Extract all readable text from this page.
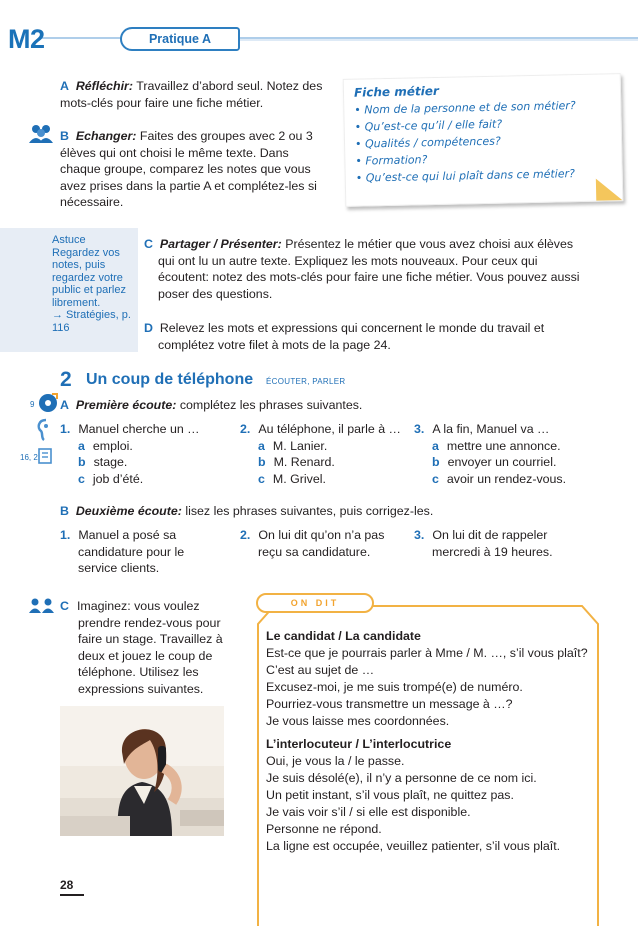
M2	Pratique A
A Réfléchir: Travaillez d’abord seul. Notez des mots-clés pour faire une fiche métier.
B Echanger: Faites des groupes avec 2 ou 3 élèves qui ont choisi le même texte. Dans chaque groupe, comparez les notes que vous avez prises dans la partie A et complétez-les si nécessaire.
Fiche métier
• Nom de la personne et de son métier?
• Qu’est-ce qu’il / elle fait?
• Qualités / compétences?
• Formation?
• Qu’est-ce qui lui plaît dans ce métier?
Astuce
Regardez vos notes, puis regardez votre public et parlez librement.
→ Stratégies, p. 116
C Partager / Présenter: Présentez le métier que vous avez choisi aux élèves qui ont lu un autre texte. Expliquez les mots nouveaux. Pour ceux qui écoutent: notez des mots-clés pour faire une fiche métier. Vous pouvez aussi poser des questions.
D Relevez les mots et expressions qui concernent le monde du travail et complétez votre filet à mots de la page 24.
2 Un coup de téléphone ÉCOUTER, PARLER
9
16, 2
A Première écoute: complétez les phrases suivantes.
1. Manuel cherche un …
a emploi.
b stage.
c job d’été.
2. Au téléphone, il parle à …
a M. Lanier.
b M. Renard.
c M. Grivel.
3. A la fin, Manuel va …
a mettre une annonce.
b envoyer un courriel.
c avoir un rendez-vous.
B Deuxième écoute: lisez les phrases suivantes, puis corrigez-les.
1. Manuel a posé sa candidature pour le service clients.
2. On lui dit qu’on n’a pas reçu sa candidature.
3. On lui dit de rappeler mercredi à 19 heures.
C Imaginez: vous voulez prendre rendez-vous pour faire un stage. Travaillez à deux et jouez le coup de téléphone. Utilisez les expressions suivantes.
ON DIT
Le candidat / La candidate
Est-ce que je pourrais parler à Mme / M. …, s’il vous plaît?
C’est au sujet de …
Excusez-moi, je me suis trompé(e) de numéro.
Pourriez-vous transmettre un message à …?
Je vous laisse mes coordonnées.
L’interlocuteur / L’interlocutrice
Oui, je vous la / le passe.
Je suis désolé(e), il n’y a personne de ce nom ici.
Un petit instant, s’il vous plaît, ne quittez pas.
Je vais voir s’il / si elle est disponible.
Personne ne répond.
La ligne est occupée, veuillez patienter, s’il vous plaît.
28
